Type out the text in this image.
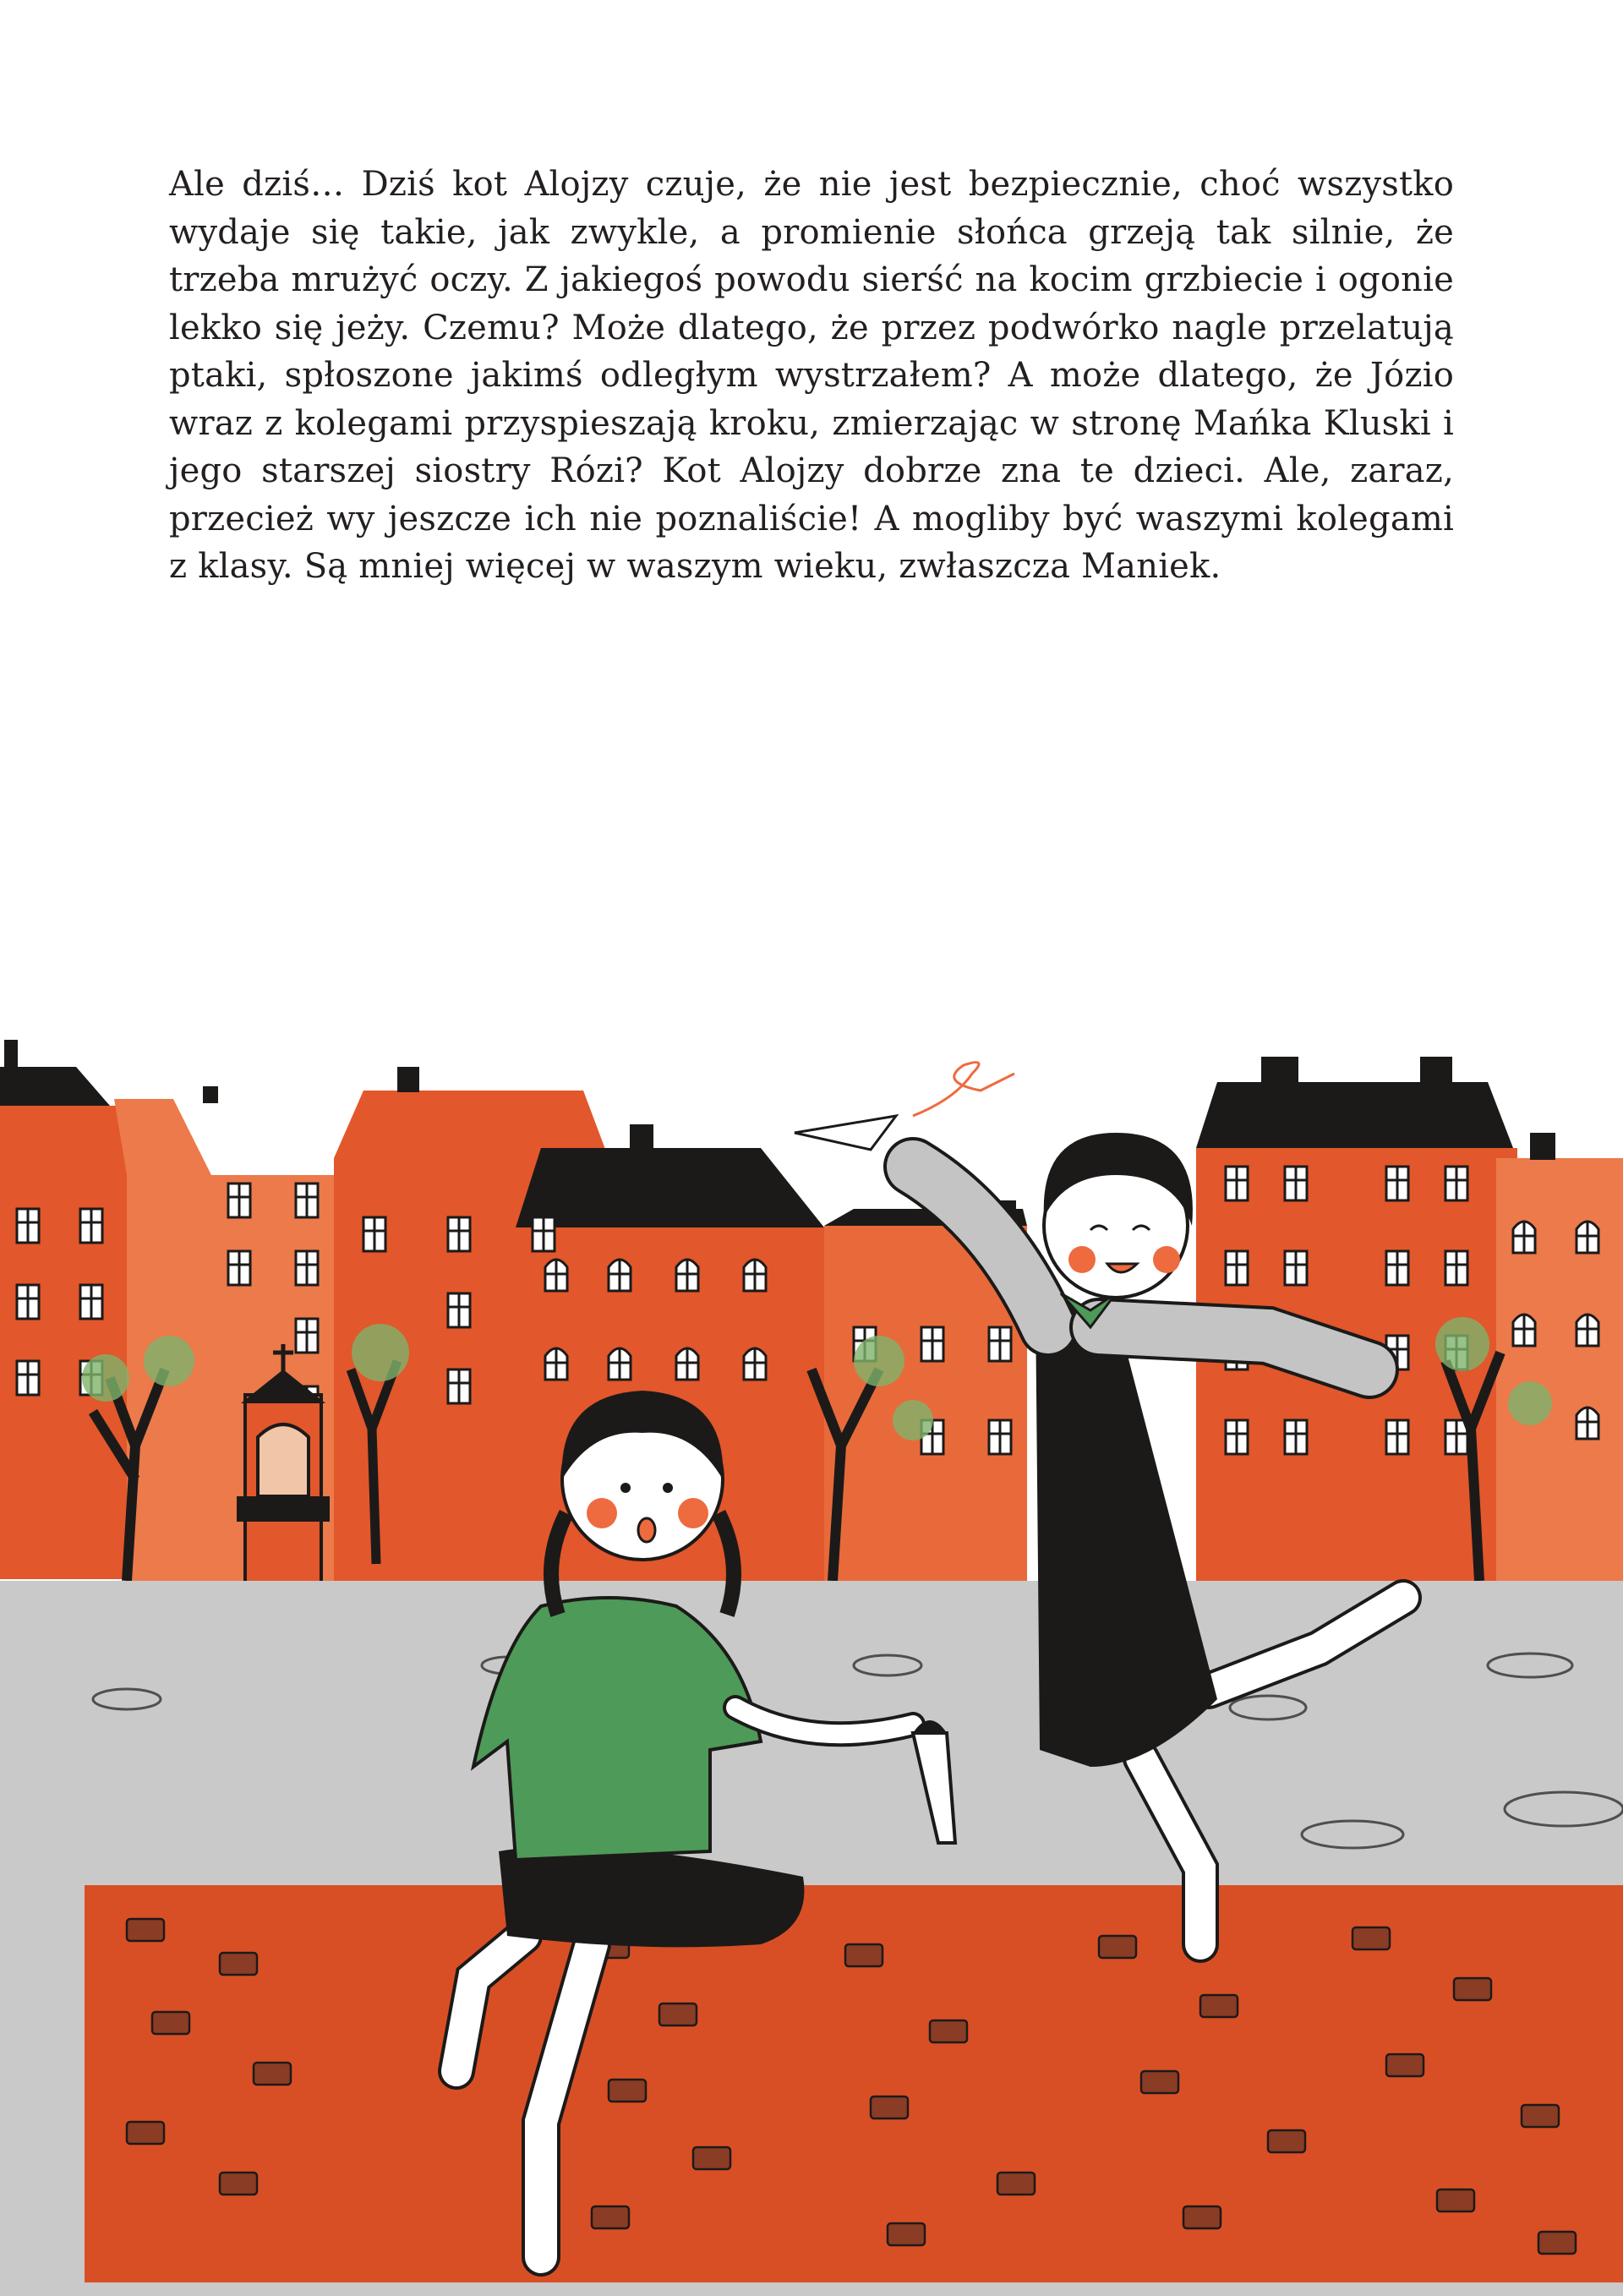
Ale dziś… Dziś kot Alojzy czuje, że nie jest bezpiecznie, choć wszystko wydaje się takie, jak zwykle, a promienie słońca grzeją tak silnie, że trzeba mrużyć oczy. Z jakiegoś powodu sierść na kocim grzbiecie i ogonie lekko się jeży. Czemu? Może dlatego, że przez podwórko nagle przelatują ptaki, spłoszone jakimś odległym wystrzałem? A może dlatego, że Józio wraz z kolegami przyspieszają kroku, zmierzając w stronę Mańka Kluski i jego starszej siostry Rózi? Kot Alojzy dobrze zna te dzieci. Ale, zaraz, przecież wy jeszcze ich nie poznaliście! A mogliby być waszymi kolegami z klasy. Są mniej więcej w waszym wieku, zwłaszcza Maniek.
